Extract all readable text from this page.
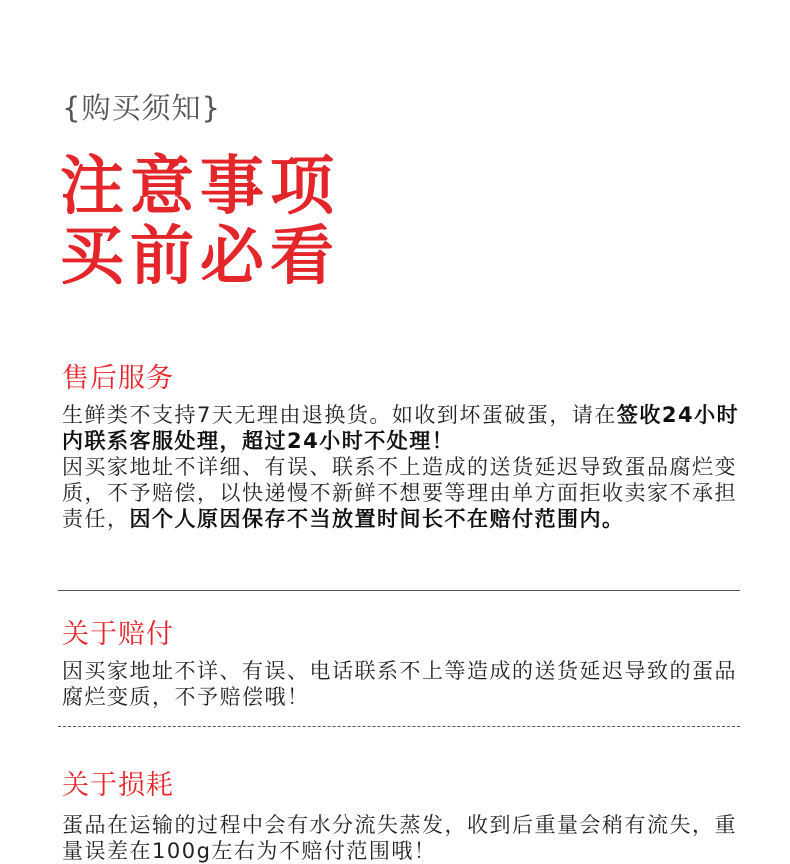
{购买须知}
注意事项
买前必看
售后服务
生鲜类不支持7天无理由退换货。如收到坏蛋破蛋，请在签收24小时内联系客服处理，超过24小时不处理！
因买家地址不详细、有误、联系不上造成的送货延迟导致蛋品腐烂变质，不予赔偿，以快递慢不新鲜不想要等理由单方面拒收卖家不承担责任，因个人原因保存不当放置时间长不在赔付范围内。
关于赔付
因买家地址不详、有误、电话联系不上等造成的送货延迟导致的蛋品腐烂变质，不予赔偿哦！
关于损耗
蛋品在运输的过程中会有水分流失蒸发，收到后重量会稍有流失，重量误差在100g左右为不赔付范围哦！
